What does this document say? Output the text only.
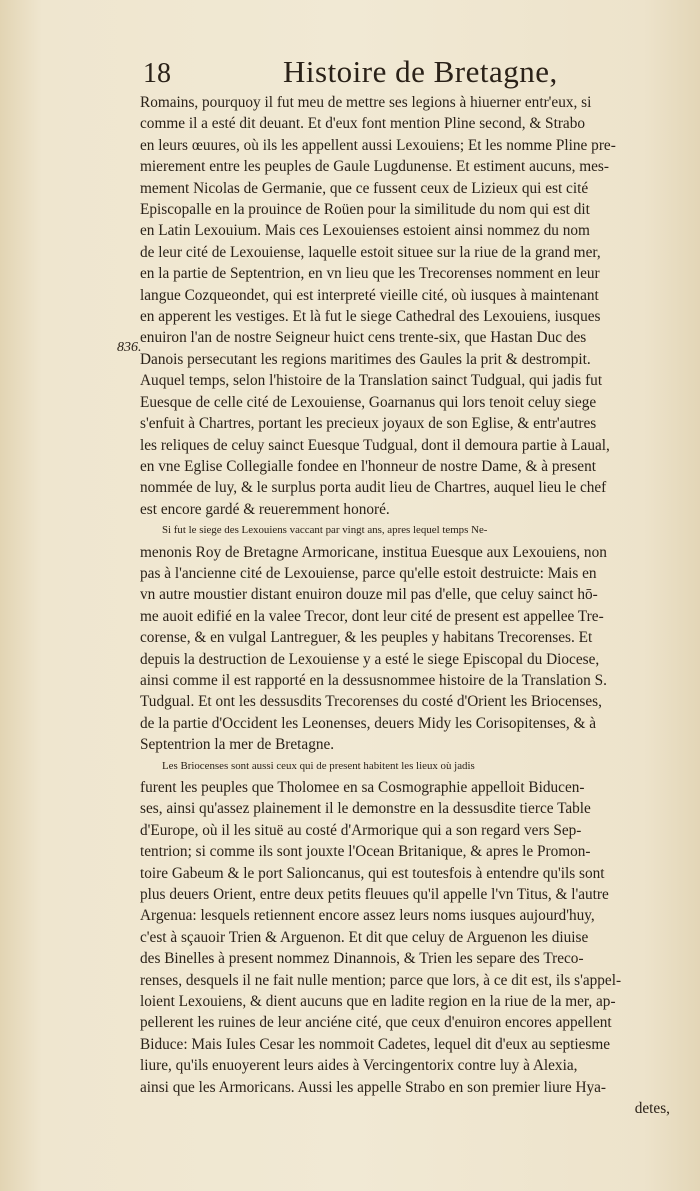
18	Histoire de Bretagne,
836.

Romains, pourquoy il fut meu de mettre ses legions à hiuerner entr'eux, si
comme il a esté dit deuant. Et d'eux font mention Pline second, & Strabo
en leurs œuures, où ils les appellent aussi Lexouiens; Et les nomme Pline pre-
mierement entre les peuples de Gaule Lugdunense. Et estiment aucuns, mes-
mement Nicolas de Germanie, que ce fussent ceux de Lizieux qui est cité
Episcopalle en la prouince de Roüen pour la similitude du nom qui est dit
en Latin Lexouium. Mais ces Lexouienses estoient ainsi nommez du nom
de leur cité de Lexouiense, laquelle estoit situee sur la riue de la grand mer,
en la partie de Septentrion, en vn lieu que les Trecorenses nomment en leur
langue Cozqueondet, qui est interpreté vieille cité, où iusques à maintenant
en apperent les vestiges. Et là fut le siege Cathedral des Lexouiens, iusques
enuiron l'an de nostre Seigneur huict cens trente-six, que Hastan Duc des
Danois persecutant les regions maritimes des Gaules la prit & destrompit.
Auquel temps, selon l'histoire de la Translation sainct Tudgual, qui jadis fut
Euesque de celle cité de Lexouiense, Goarnanus qui lors tenoit celuy siege
s'enfuit à Chartres, portant les precieux joyaux de son Eglise, & entr'autres
les reliques de celuy sainct Euesque Tudgual, dont il demoura partie à Laual,
en vne Eglise Collegialle fondee en l'honneur de nostre Dame, & à present
nommée de luy, & le surplus porta audit lieu de Chartres, auquel lieu le chef
est encore gardé & reueremment honoré.

Si fut le siege des Lexouiens vaccant par vingt ans, apres lequel temps Ne-
menonis Roy de Bretagne Armoricane, institua Euesque aux Lexouiens, non
pas à l'ancienne cité de Lexouiense, parce qu'elle estoit destruicte: Mais en
vn autre moustier distant enuiron douze mil pas d'elle, que celuy sainct hō-
me auoit edifié en la valee Trecor, dont leur cité de present est appellee Tre-
corense, & en vulgal Lantreguer, & les peuples y habitans Trecorenses. Et
depuis la destruction de Lexouiense y a esté le siege Episcopal du Diocese,
ainsi comme il est rapporté en la dessusnommee histoire de la Translation S.
Tudgual. Et ont les dessusdits Trecorenses du costé d'Orient les Briocenses,
de la partie d'Occident les Leonenses, deuers Midy les Corisopitenses, & à
Septentrion la mer de Bretagne.

Les Briocenses sont aussi ceux qui de present habitent les lieux où jadis
furent les peuples que Tholomee en sa Cosmographie appelloit Biducen-
ses, ainsi qu'assez plainement il le demonstre en la dessusdite tierce Table
d'Europe, où il les situë au costé d'Armorique qui a son regard vers Sep-
tentrion; si comme ils sont jouxte l'Ocean Britanique, & apres le Promon-
toire Gabeum & le port Salioncanus, qui est toutesfois à entendre qu'ils sont
plus deuers Orient, entre deux petits fleuues qu'il appelle l'vn Titus, & l'autre
Argenua: lesquels retiennent encore assez leurs noms iusques aujourd'huy,
c'est à sçauoir Trien & Arguenon. Et dit que celuy de Arguenon les diuise
des Binelles à present nommez Dinannois, & Trien les separe des Treco-
renses, desquels il ne fait nulle mention; parce que lors, à ce dit est, ils s'appel-
loient Lexouiens, & dient aucuns que en ladite region en la riue de la mer, ap-
pellerent les ruines de leur anciéne cité, que ceux d'enuiron encores appellent
Biduce: Mais Iules Cesar les nommoit Cadetes, lequel dit d'eux au septiesme
liure, qu'ils enuoyerent leurs aides à Vercingentorix contre luy à Alexia,
ainsi que les Armoricans. Aussi les appelle Strabo en son premier liure Hya-
detes,
